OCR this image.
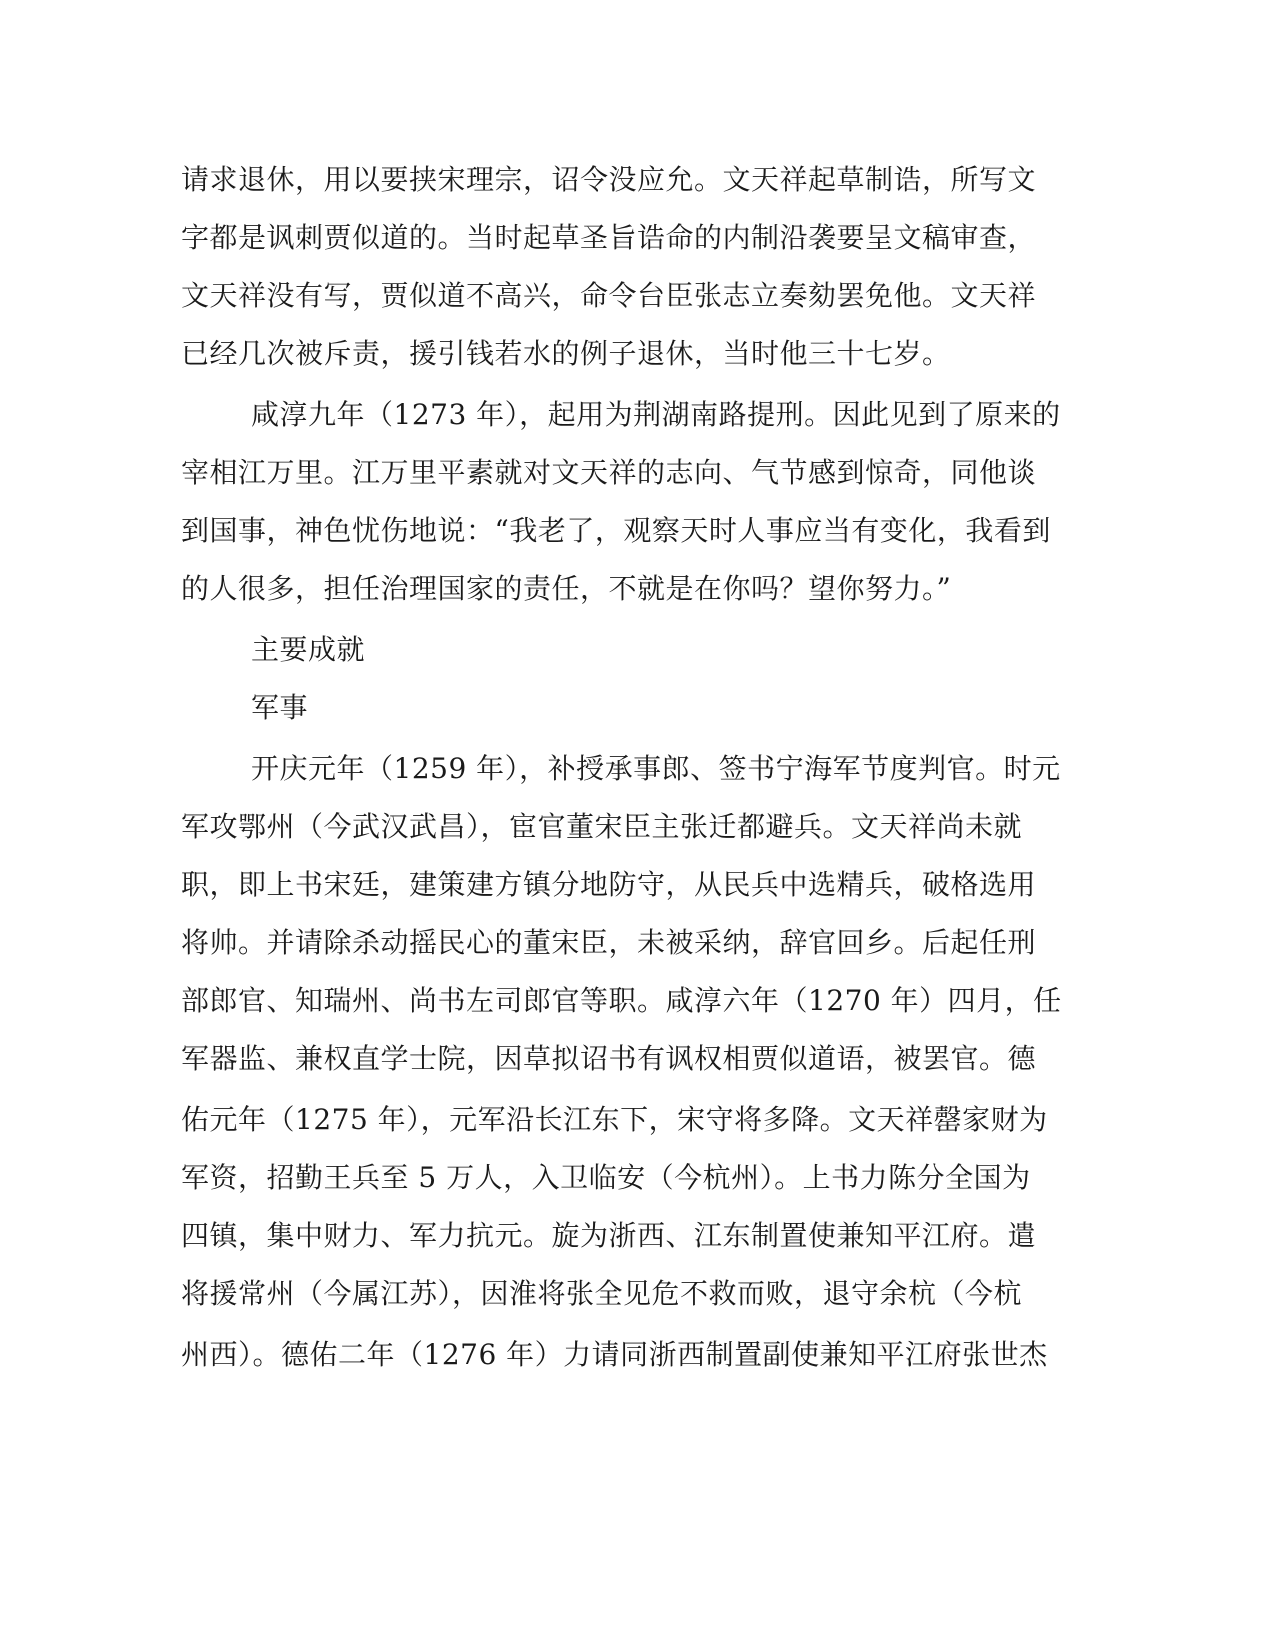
请求退休，用以要挟宋理宗，诏令没应允。文天祥起草制诰，所写文
字都是讽刺贾似道的。当时起草圣旨诰命的内制沿袭要呈文稿审查，
文天祥没有写，贾似道不高兴，命令台臣张志立奏劾罢免他。文天祥
已经几次被斥责，援引钱若水的例子退休，当时他三十七岁。
咸淳九年（1273 年），起用为荆湖南路提刑。因此见到了原来的
宰相江万里。江万里平素就对文天祥的志向、气节感到惊奇，同他谈
到国事，神色忧伤地说：“我老了，观察天时人事应当有变化，我看到
的人很多，担任治理国家的责任，不就是在你吗？望你努力。”
主要成就
军事
开庆元年（1259 年），补授承事郎、签书宁海军节度判官。时元
军攻鄂州（今武汉武昌），宦官董宋臣主张迁都避兵。文天祥尚未就
职，即上书宋廷，建策建方镇分地防守，从民兵中选精兵，破格选用
将帅。并请除杀动摇民心的董宋臣，未被采纳，辞官回乡。后起任刑
部郎官、知瑞州、尚书左司郎官等职。咸淳六年（1270 年）四月，任
军器监、兼权直学士院，因草拟诏书有讽权相贾似道语，被罢官。德
佑元年（1275 年），元军沿长江东下，宋守将多降。文天祥罄家财为
军资，招勤王兵至 5 万人，入卫临安（今杭州）。上书力陈分全国为
四镇，集中财力、军力抗元。旋为浙西、江东制置使兼知平江府。遣
将援常州（今属江苏），因淮将张全见危不救而败，退守余杭（今杭
州西）。德佑二年（1276 年）力请同浙西制置副使兼知平江府张世杰
